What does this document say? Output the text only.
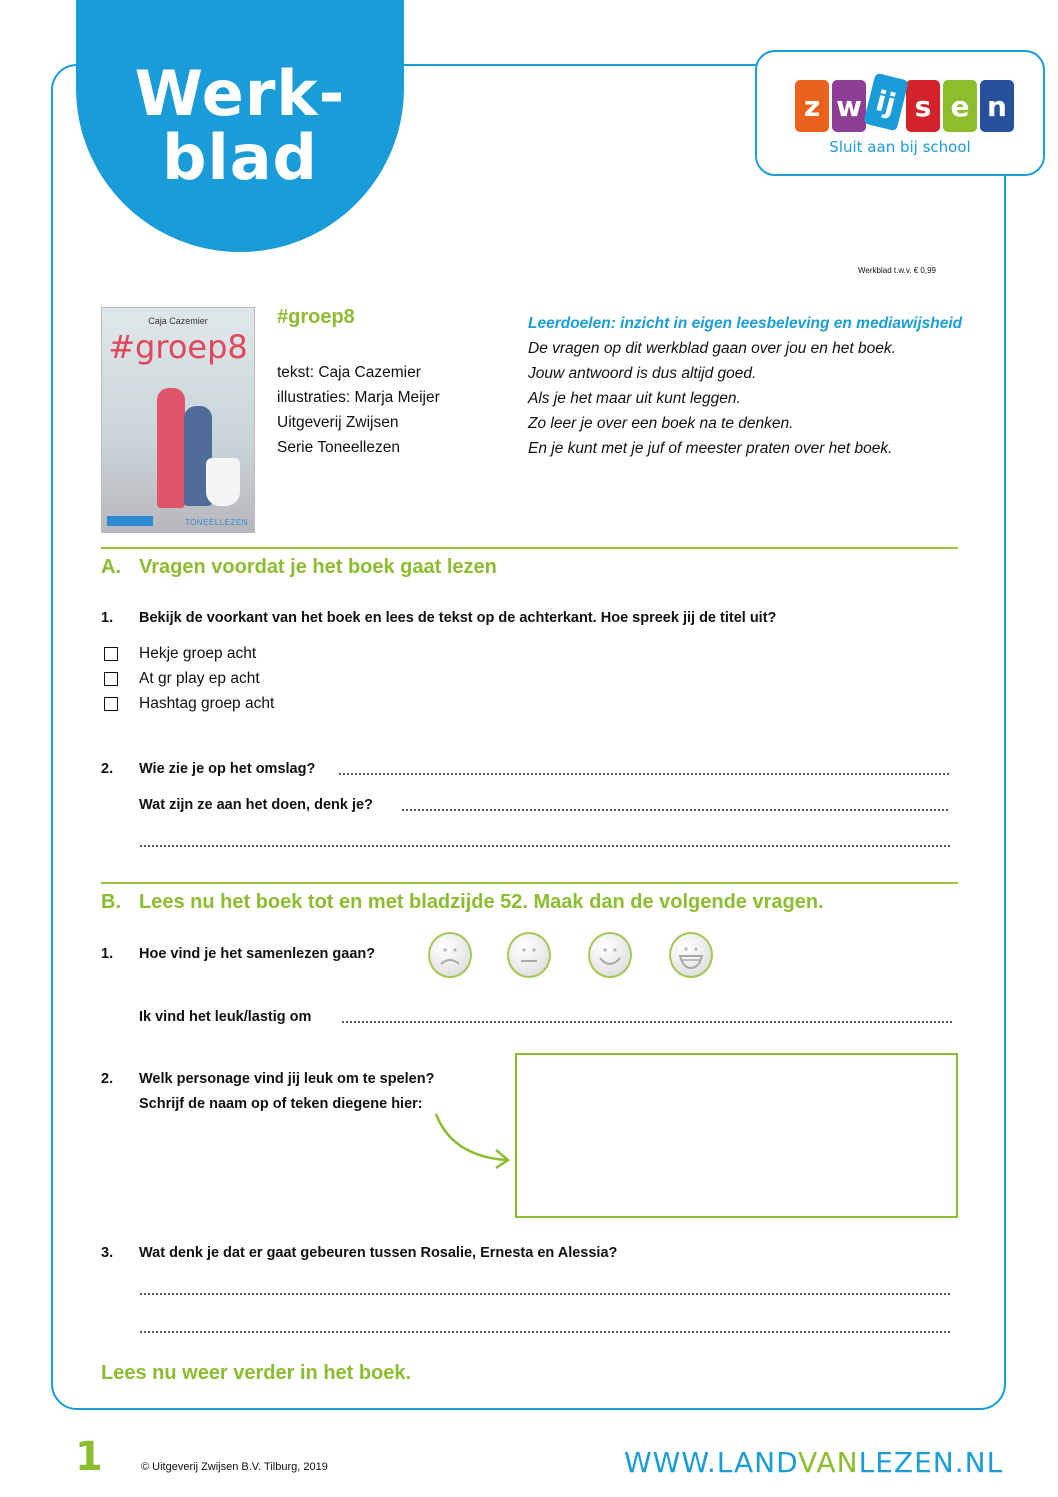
Werk-
blad
z w ij s e n
Sluit aan bij school
Werkblad t.w.v. € 0,99
Caja Cazemier
#groep8
TONEELLEZEN
#groep8
tekst: Caja Cazemier
illustraties: Marja Meijer
Uitgeverij Zwijsen
Serie Toneellezen
Leerdoelen: inzicht in eigen leesbeleving en mediawijsheid
De vragen op dit werkblad gaan over jou en het boek.
Jouw antwoord is dus altijd goed.
Als je het maar uit kunt leggen.
Zo leer je over een boek na te denken.
En je kunt met je juf of meester praten over het boek.
A. Vragen voordat je het boek gaat lezen
1. Bekijk de voorkant van het boek en lees de tekst op de achterkant. Hoe spreek jij de titel uit?
Hekje groep acht
At gr play ep acht
Hashtag groep acht
2. Wie zie je op het omslag?
Wat zijn ze aan het doen, denk je?
B. Lees nu het boek tot en met bladzijde 52. Maak dan de volgende vragen.
1. Hoe vind je het samenlezen gaan?
Ik vind het leuk/lastig om
2. Welk personage vind jij leuk om te spelen?
Schrijf de naam op of teken diegene hier:
3. Wat denk je dat er gaat gebeuren tussen Rosalie, Ernesta en Alessia?
Lees nu weer verder in het boek.
1	© Uitgeverij Zwijsen B.V. Tilburg, 2019	WWW.LANDVANLEZEN.NL
